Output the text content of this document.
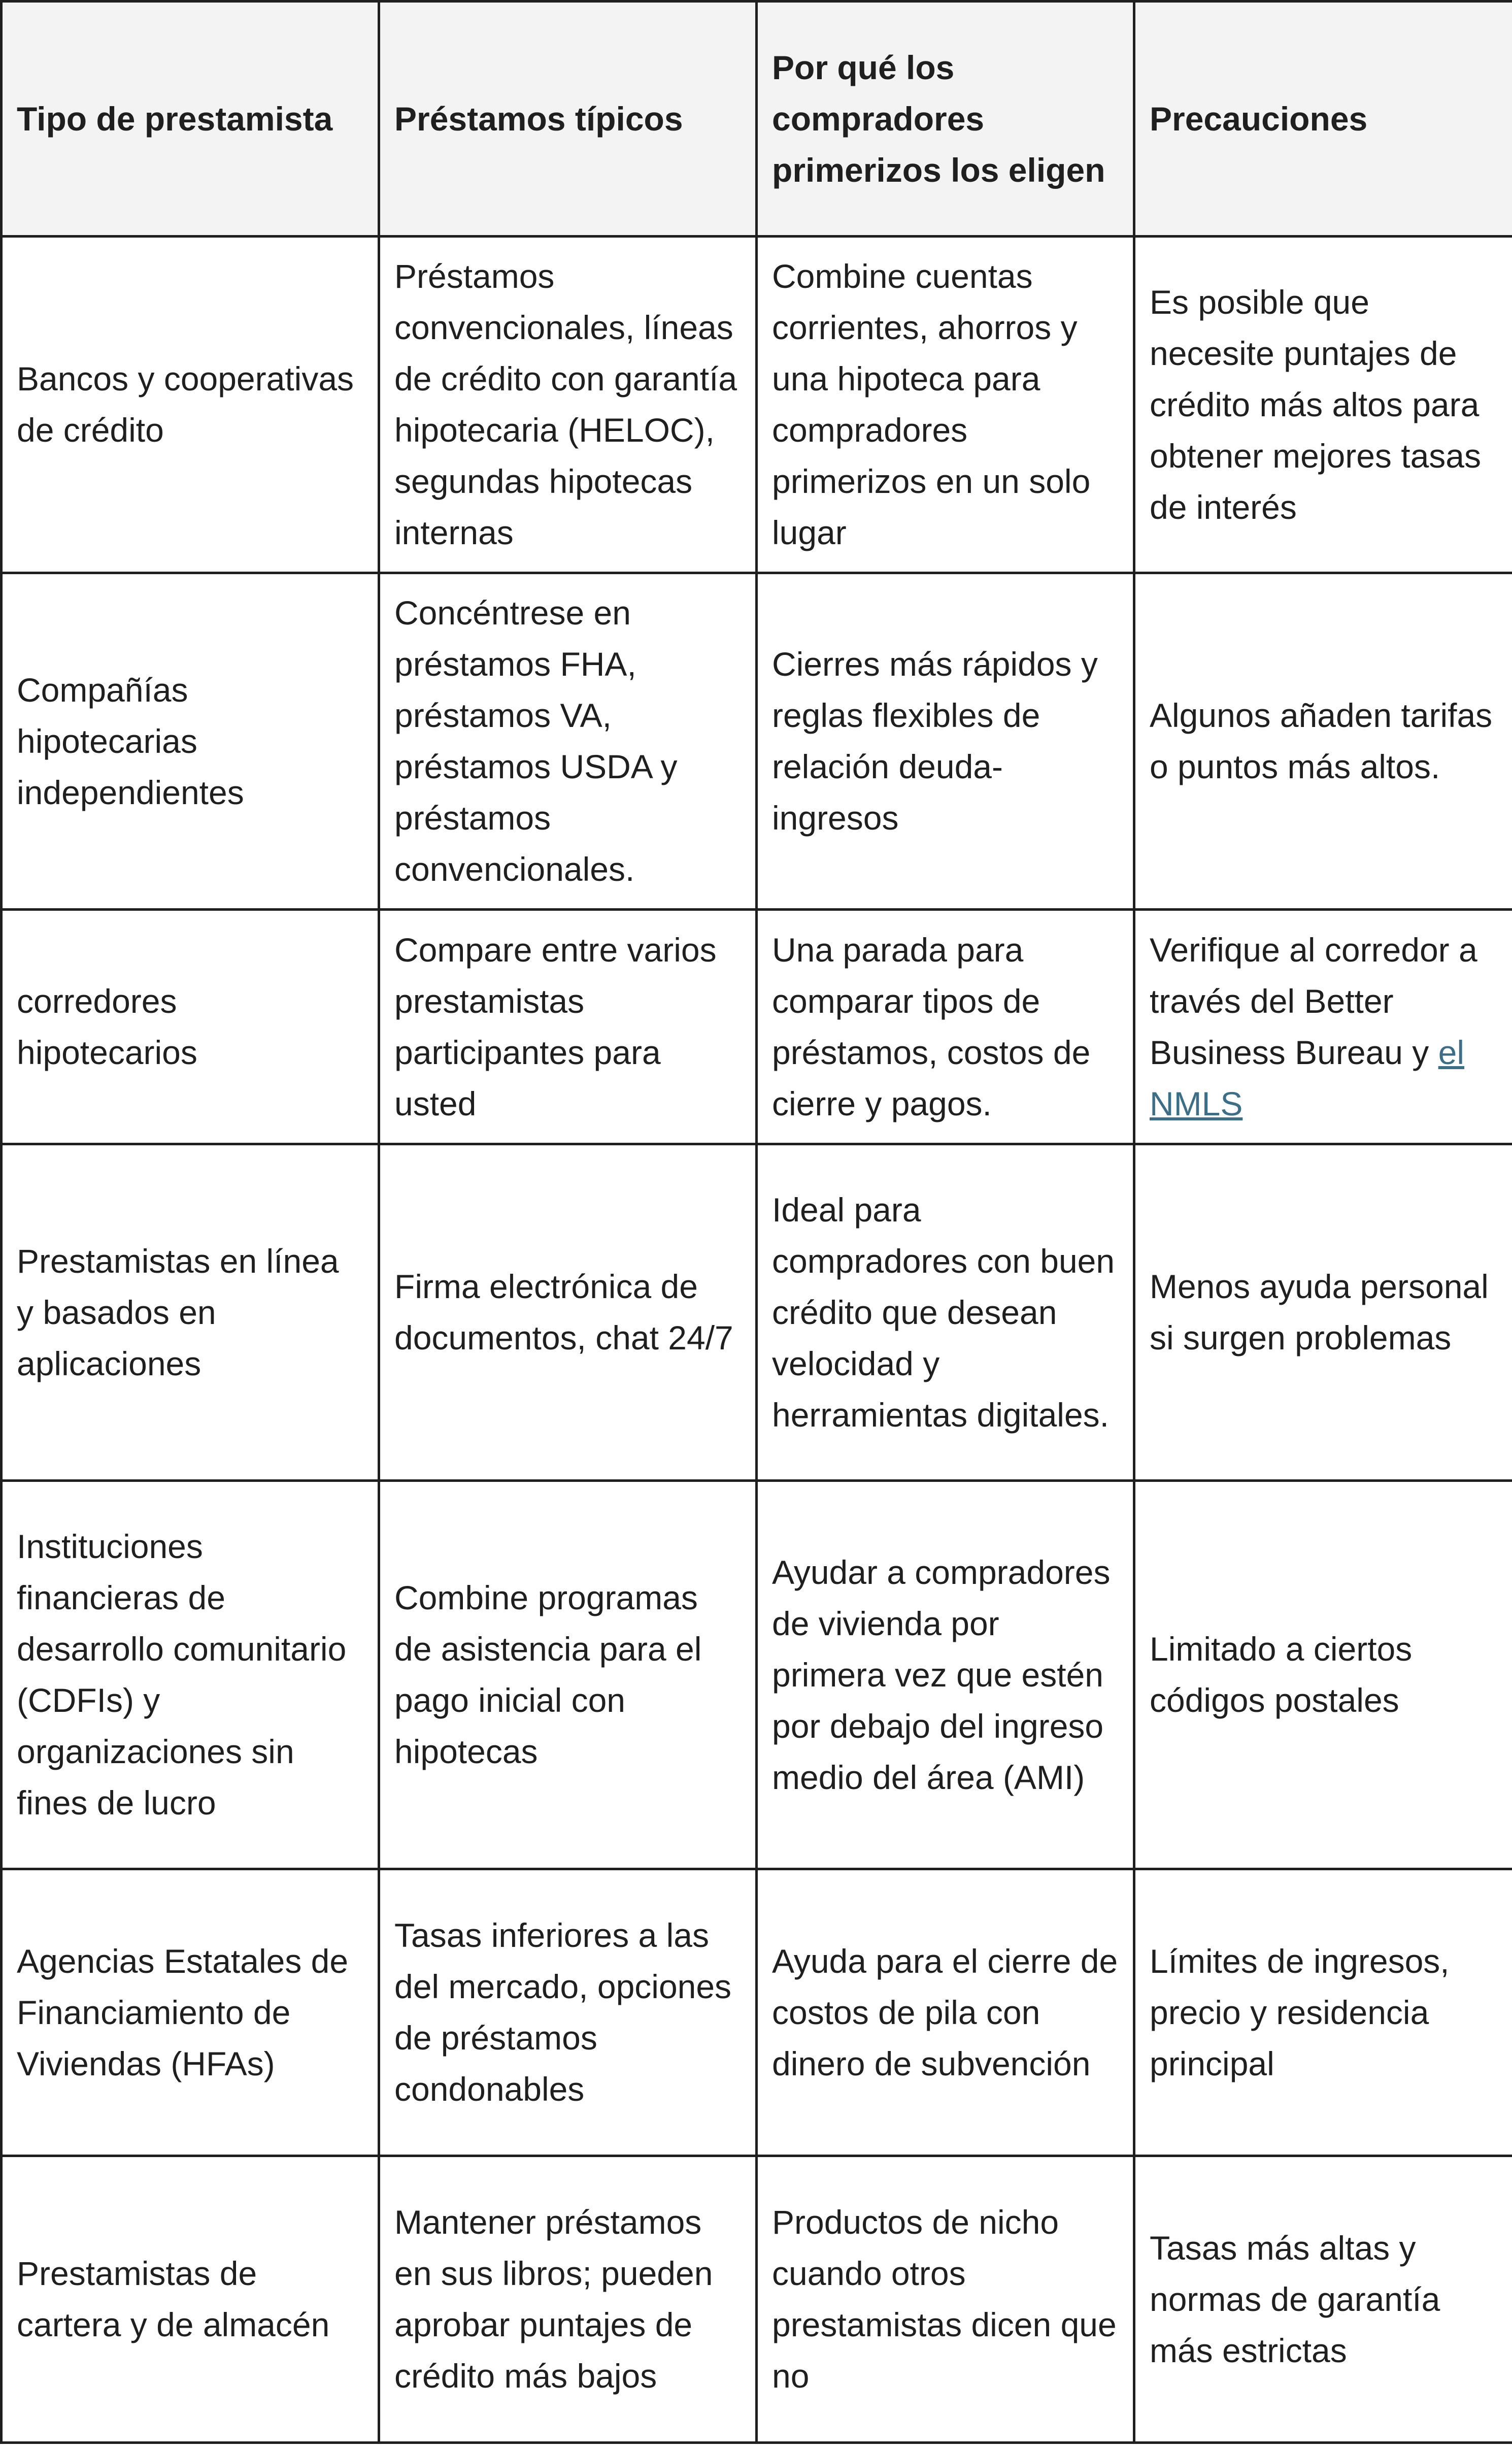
Tipo de prestamista	Préstamos típicos	Por qué los compradores primerizos los eligen	Precauciones
Bancos y cooperativas de crédito	Préstamos convencionales, líneas de crédito con garantía hipotecaria (HELOC), segundas hipotecas internas	Combine cuentas corrientes, ahorros y una hipoteca para compradores primerizos en un solo lugar	Es posible que necesite puntajes de crédito más altos para obtener mejores tasas de interés
Compañías hipotecarias independientes	Concéntrese en préstamos FHA, préstamos VA, préstamos USDA y préstamos convencionales.	Cierres más rápidos y reglas flexibles de relación deuda-ingresos	Algunos añaden tarifas o puntos más altos.
corredores hipotecarios	Compare entre varios prestamistas participantes para usted	Una parada para comparar tipos de préstamos, costos de cierre y pagos.	Verifique al corredor a través del Better Business Bureau y el NMLS
Prestamistas en línea y basados en aplicaciones	Firma electrónica de documentos, chat 24/7	Ideal para compradores con buen crédito que desean velocidad y herramientas digitales.	Menos ayuda personal si surgen problemas
Instituciones financieras de desarrollo comunitario (CDFIs) y organizaciones sin fines de lucro	Combine programas de asistencia para el pago inicial con hipotecas	Ayudar a compradores de vivienda por primera vez que estén por debajo del ingreso medio del área (AMI)	Limitado a ciertos códigos postales
Agencias Estatales de Financiamiento de Viviendas (HFAs)	Tasas inferiores a las del mercado, opciones de préstamos condonables	Ayuda para el cierre de costos de pila con dinero de subvención	Límites de ingresos, precio y residencia principal
Prestamistas de cartera y de almacén	Mantener préstamos en sus libros; pueden aprobar puntajes de crédito más bajos	Productos de nicho cuando otros prestamistas dicen que no	Tasas más altas y normas de garantía más estrictas
